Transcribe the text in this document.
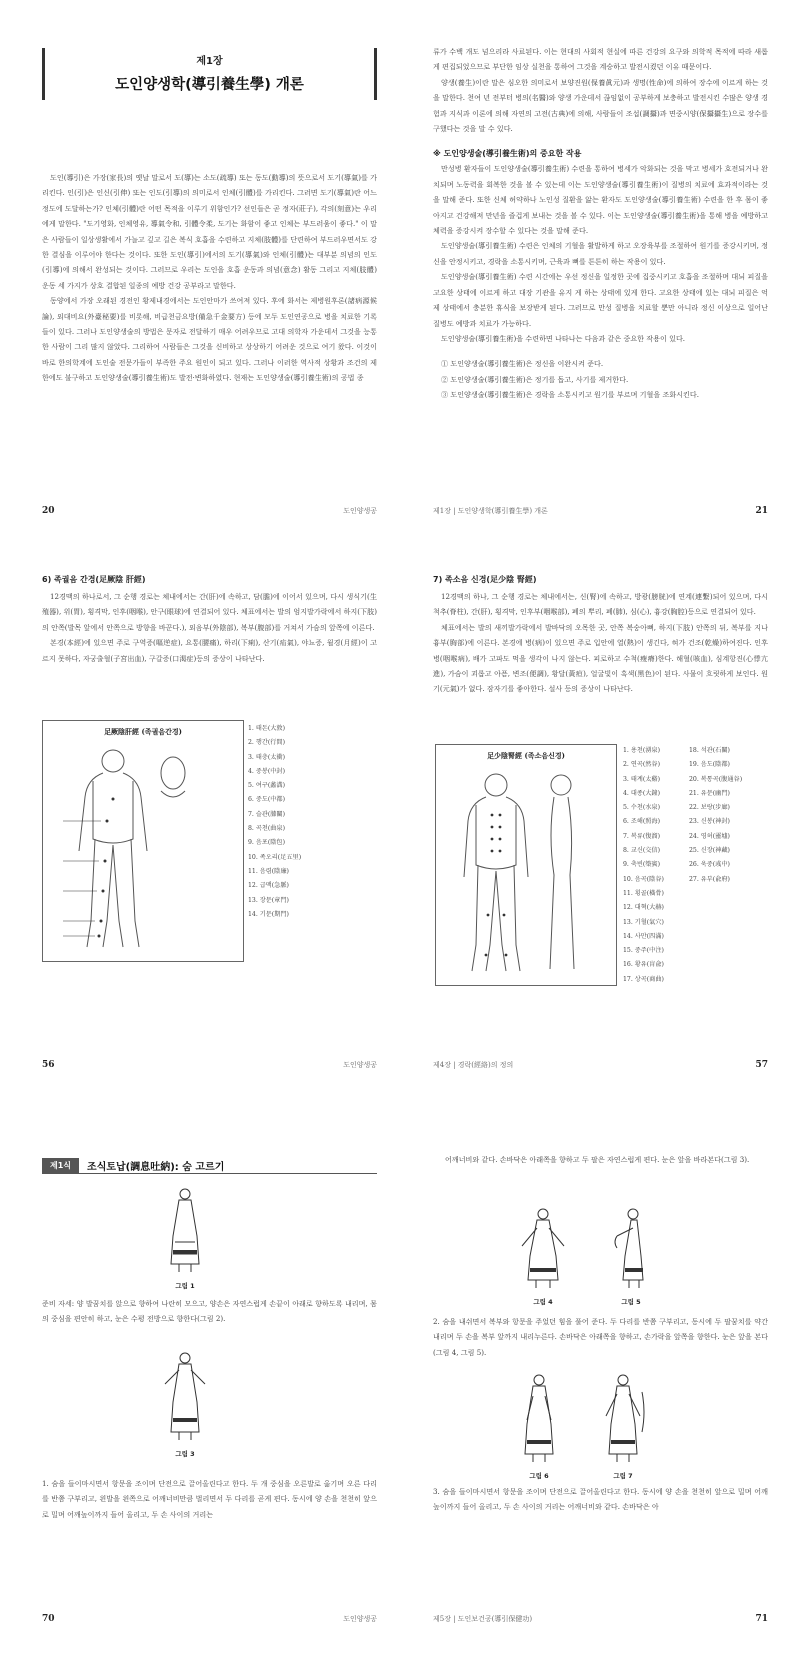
제1장
도인양생학(導引養生學) 개론

도인(導引)은 가장(家長)의 옛날 말로서 도(導)는 소도(疏導) 또는 동도(動導)의 뜻으로서 도기(導氣)를 가리킨다. 인(引)은 인신(引伸) 또는 인도(引導)의 의미로서 인체(引體)를 가리킨다. 그러면 도기(導氣)란 어느 정도에 도달하는가? 인체(引體)란 어떤 목적을 이루기 위함인가? 선인들은 곧 정자(莊子), 각의(刻意)는 우리에게 말한다. "도기영화, 인체영유, 導氣令和, 引體令柔, 도기는 화함이 좋고 인체는 부드러움이 좋다." 이 말은 사람들이 일상생활에서 가늘고 깊고 길은 복식 호흡을 수련하고 지체(肢體)를 단련하여 부드러우면서도 강한 결심을 이루어야 한다는 것이다. 또한 도인(導引)에서의 도기(導氣)와 인체(引體)는 대부분 의념의 인도(引導)에 의해서 완성되는 것이다. 그러므로 우리는 도인을 호흡 운동과 의념(意念) 활동 그리고 지체(肢體) 운동 세 가지가 상호 결합된 일종의 예방 건강 공부라고 말한다.

동양에서 가장 오래된 경전인 황제내경에서는 도인안마가 쓰여져 있다. 후에 화서는 제병원후론(諸病源候論), 외대비요(外臺秘要)를 비롯해, 비급천금요방(備急千金要方) 등에 모두 도인연공으로 병을 치료한 기록들이 있다. 그러나 도인양생술의 방법은 문자로 전달하기 매우 어려우므로 고대 의학자 가운데서 그것을 능통한 사람이 그리 많지 않았다. 그리하여 사람들은 그것을 신비하고 상상하기 어려운 것으로 여기 왔다. 이것이 바로 한의학계에 도인술 전문가들이 부족한 주요 원인이 되고 있다. 그러나 이러한 역사적 상황과 조건의 제한에도 불구하고 도인양생술(導引養生術)도 발전·변화하였다. 현재는 도인양생술(導引養生術)의 공법 종

20	도인양생공

류가 수백 개도 넘으리라 사료된다. 이는 현대의 사회적 현실에 따른 건강의 요구와 의학적 목적에 따라 새롭게 편집되었으므로 부단한 임상 실천을 통하여 그것을 계승하고 발전시켰던 이유 때문이다.

양생(養生)이란 말은 심오한 의미로서 보양진원(保養眞元)과 생명(性命)에 의하여 장수에 이르게 하는 것을 말한다. 천여 년 전부터 병의(名醫)와 양생 가운데서 끊임없이 공부하게 보충하고 발전시킨 수많은 양생 경험과 지식과 이론에 의해 자연의 고전(古典)에 의해, 사람들이 조섭(調攝)과 면중시양(保攝攝生)으로 장수를 구했다는 것을 말 수 있다.

※ 도인양생술(導引養生術)의 중요한 작용

만성병 환자들이 도인양생술(導引養生術) 수련을 통하여 병세가 악화되는 것을 막고 병세가 호전되거나 완치되며 노동력을 회복한 것을 볼 수 있는데 이는 도인양생술(導引養生術)이 질병의 치료에 효과적이라는 것을 말해 준다. 또한 신체 허약하나 노인성 질환을 앓는 환자도 도인양생술(導引養生術) 수련을 한 후 몸이 좋아지고 건강해져 만년을 즐겁게 보내는 것을 볼 수 있다. 이는 도인양생술(導引養生術)을 통해 병을 예방하고 체력을 증강시켜 장수할 수 있다는 것을 말해 준다.

도인양생술(導引養生術) 수련은 인체의 기혈을 활발하게 하고 오장육부를 조절하여 원기를 증강시키며, 정신을 안정시키고, 경락을 소통시키며, 근육과 뼈를 튼튼히 하는 작용이 있다.

도인양생술(導引養生術) 수련 시간에는 우선 정신을 일정한 곳에 집중시키고 호흡을 조절하며 대뇌 피질을 고요한 상태에 이르게 하고 대장 기관을 유지 게 하는 상태에 있게 한다. 고요한 상태에 있는 대뇌 피질은 억제 상태에서 충분한 휴식을 보장받게 된다. 그러므로 만성 질병을 치료할 뿐만 아니라 정신 이상으로 일어난 질병도 예방과 치료가 가능하다.

도인양생술(導引養生術)을 수련하면 나타나는 다음과 같은 중요한 작용이 있다.

① 도인양생술(導引養生術)은 정신을 이완시켜 준다.
② 도인양생술(導引養生術)은 정기를 돕고, 사기를 제거한다.
③ 도인양생술(導引養生術)은 경락을 소통시키고 원기를 부르며 기혈을 조화시킨다.
제1장 | 도인양생학(導引養生學) 개론	21
6) 족궐음 간경(足厥陰 肝經)

12경맥의 하나로서, 그 순행 경로는 체내에서는 간(肝)에 속하고, 담(膽)에 이어서 있으며, 다시 생식기(生殖器), 위(胃), 횡격막, 인후(咽喉), 안구(眼球)에 연결되어 있다. 체표에서는 발의 엄지발가락에서 하지(下肢)의 안쪽(발목 앞에서 안쪽으로 방향을 바꾼다.), 외음부(外陰部), 복부(腹部)를 거쳐서 가슴의 앞쪽에 이른다.

본경(本經)에 있으면 주로 구역증(嘔逆症), 요통(腰痛), 하리(下痢), 산기(疝氣), 야뇨증, 월경(月經)이 고르지 못하다, 자궁출혈(子宮出血), 구갈증(口渴症)등의 증상이 나타난다.

足厥陰肝經 (족궐음간경)	1. 태돈(大敦)
2. 행간(行間)
3. 태충(太衝)
4. 중봉(中封)
5. 여구(蠡溝)
6. 중도(中都)
7. 슬관(膝關)
8. 곡천(曲泉)
9. 음포(陰包)
10. 족오리(足五里)
11. 음렴(陰廉)
12. 급맥(急脈)
13. 장문(章門)
14. 기문(期門)
56	도인양생공
7) 족소음 신경(足少陰 腎經)

12경맥의 하나, 그 순행 경로는 체내에서는, 신(腎)에 속하고, 방광(膀胱)에 연계(連繫)되어 있으며, 다시 척추(脊柱), 간(肝), 횡격막, 인후부(咽喉部), 폐의 뿌리, 폐(肺), 심(心), 흉강(胸腔)등으로 연결되어 있다.

체표에서는 발의 새끼발가락에서 발바닥의 오목한 곳, 안쪽 복숭아뼈, 하지(下肢) 안쪽의 뒤, 복부를 지나 흉부(胸部)에 이른다. 본경에 병(病)이 있으면 주로 입안에 열(熱)이 생긴다, 혀가 건조(乾燥)하여진다. 인후병(咽喉病), 배가 고파도 먹을 생각이 나지 않는다. 피로하고 수척(瘦瘠)한다. 해혈(咳血), 심계항진(心悸亢進), 가슴이 괴롭고 아픔, 변조(便調), 황달(黃疸), 얼굴빛이 흑색(黑色)이 된다. 사물이 흐릿하게 보인다. 원기(元氣)가 없다. 잠자기를 좋아한다. 설사 등의 증상이 나타난다.

足少陰腎經 (족소음신경)
1. 용천(湧泉)
2. 연곡(然谷)
3. 태계(太谿)
4. 대종(大鐘)
5. 수천(水泉)
6. 조해(照海)
7. 복류(復溜)
8. 교신(交信)
9. 축빈(築賓)
10. 음곡(陰谷)
11. 횡골(橫骨)
12. 대혁(大赫)
13. 기혈(氣穴)
14. 사만(四滿)
15. 중주(中注)
16. 황유(肓兪)
17. 상곡(商曲)
18. 석관(石關)
19. 음도(陰都)
20. 복통곡(腹通谷)
21. 유문(幽門)
22. 보랑(步廊)
23. 신봉(神封)
24. 영허(靈墟)
25. 신장(神藏)
26. 욱중(彧中)
27. 유부(兪府)
제4장 | 경락(經絡)의 정의	57
제1식	조식토납(調息吐納): 숨 고르기
그림 1

준비 자세: 양 발꿈치를 앉으로 향하여 나란히 모으고, 양손은 자연스럽게 손끝이 아래로 향하도록 내리며, 몸의 중심을 편안히 하고, 눈은 수평 전방으로 향한다(그림 2).

그림 3

1. 숨을 들이마시면서 항문을 조이며 단전으로 끌어올린다고 한다. 두 개 중심을 오른발로 옮기며 오른 다리를 반쯤 구부리고, 왼발을 왼쪽으로 어깨너비만큼 벌리면서 두 다리를 곧게 편다. 동시에 양 손을 천천히 앞으로 밀며 어깨높이까지 들어 올리고, 두 손 사이의 거리는

70	도인양생공

어깨너비와 같다. 손바닥은 아래쪽을 향하고 두 팔은 자연스럽게 편다. 눈은 앞을 바라본다(그림 3).

그림 4	그림 5

2. 숨을 내쉬면서 복부와 항문을 주었던 힘을 풀어 준다. 두 다리를 반쯤 구부리고, 동시에 두 팔꿈치를 약간 내리며 두 손을 복부 앞까지 내리누른다. 손바닥은 아래쪽을 향하고, 손가락을 앞쪽을 향한다. 눈은 앞을 본다(그림 4, 그림 5).

그림 6	그림 7

3. 숨을 들이마시면서 항문을 조이며 단전으로 끌어올린다고 한다. 동시에 양 손을 천천히 앞으로 밀며 어깨높이까지 들어 올리고, 두 손 사이의 거리는 어깨너비와 같다. 손바닥은 아

제5장 | 도인보건공(導引保健功)	71
